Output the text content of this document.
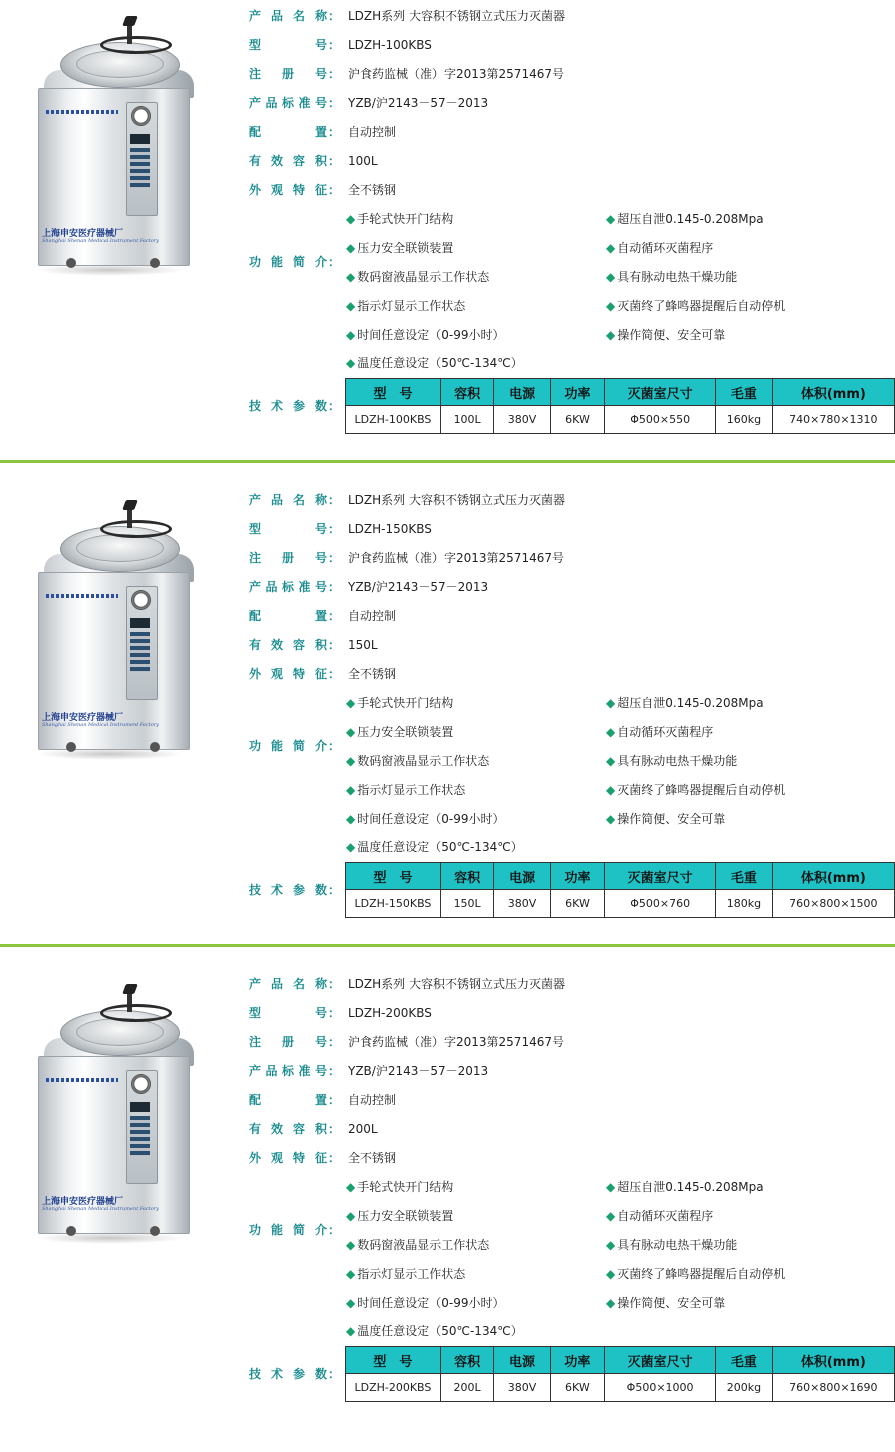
上海申安医疗器械厂
Shanghai Shenan Medical Instrument Factory
产品名称 ： LDZH系列 大容积不锈钢立式压力灭菌器
型号 ： LDZH-100KBS
注册号 ： 沪食药监械（准）字2013第2571467号
产品标准号 ： YZB/沪2143－57－2013
配置 ： 自动控制
有效容积 ： 100L
外观特征 ： 全不锈钢
功能简介 ：
◆ 手轮式快开门结构
◆ 压力安全联锁装置
◆ 数码窗液晶显示工作状态
◆ 指示灯显示工作状态
◆ 时间任意设定（0-99小时）
◆ 温度任意设定（50℃-134℃）
◆ 超压自泄0.145-0.208Mpa
◆ 自动循环灭菌程序
◆ 具有脉动电热干燥功能
◆ 灭菌终了蜂鸣器提醒后自动停机
◆ 操作简便、安全可靠
技术参数 ：
型　号	容积	电源	功率	灭菌室尺寸	毛重	体积(mm)
LDZH-100KBS	100L	380V	6KW	Φ500×550	160kg	740×780×1310
上海申安医疗器械厂
Shanghai Shenan Medical Instrument Factory
产品名称 ： LDZH系列 大容积不锈钢立式压力灭菌器
型号 ： LDZH-150KBS
注册号 ： 沪食药监械（准）字2013第2571467号
产品标准号 ： YZB/沪2143－57－2013
配置 ： 自动控制
有效容积 ： 150L
外观特征 ： 全不锈钢
功能简介 ：
◆ 手轮式快开门结构
◆ 压力安全联锁装置
◆ 数码窗液晶显示工作状态
◆ 指示灯显示工作状态
◆ 时间任意设定（0-99小时）
◆ 温度任意设定（50℃-134℃）
◆ 超压自泄0.145-0.208Mpa
◆ 自动循环灭菌程序
◆ 具有脉动电热干燥功能
◆ 灭菌终了蜂鸣器提醒后自动停机
◆ 操作简便、安全可靠
技术参数 ：
型　号	容积	电源	功率	灭菌室尺寸	毛重	体积(mm)
LDZH-150KBS	150L	380V	6KW	Φ500×760	180kg	760×800×1500
上海申安医疗器械厂
Shanghai Shenan Medical Instrument Factory
产品名称 ： LDZH系列 大容积不锈钢立式压力灭菌器
型号 ： LDZH-200KBS
注册号 ： 沪食药监械（准）字2013第2571467号
产品标准号 ： YZB/沪2143－57－2013
配置 ： 自动控制
有效容积 ： 200L
外观特征 ： 全不锈钢
功能简介 ：
◆ 手轮式快开门结构
◆ 压力安全联锁装置
◆ 数码窗液晶显示工作状态
◆ 指示灯显示工作状态
◆ 时间任意设定（0-99小时）
◆ 温度任意设定（50℃-134℃）
◆ 超压自泄0.145-0.208Mpa
◆ 自动循环灭菌程序
◆ 具有脉动电热干燥功能
◆ 灭菌终了蜂鸣器提醒后自动停机
◆ 操作简便、安全可靠
技术参数 ：
型　号	容积	电源	功率	灭菌室尺寸	毛重	体积(mm)
LDZH-200KBS	200L	380V	6KW	Φ500×1000	200kg	760×800×1690
